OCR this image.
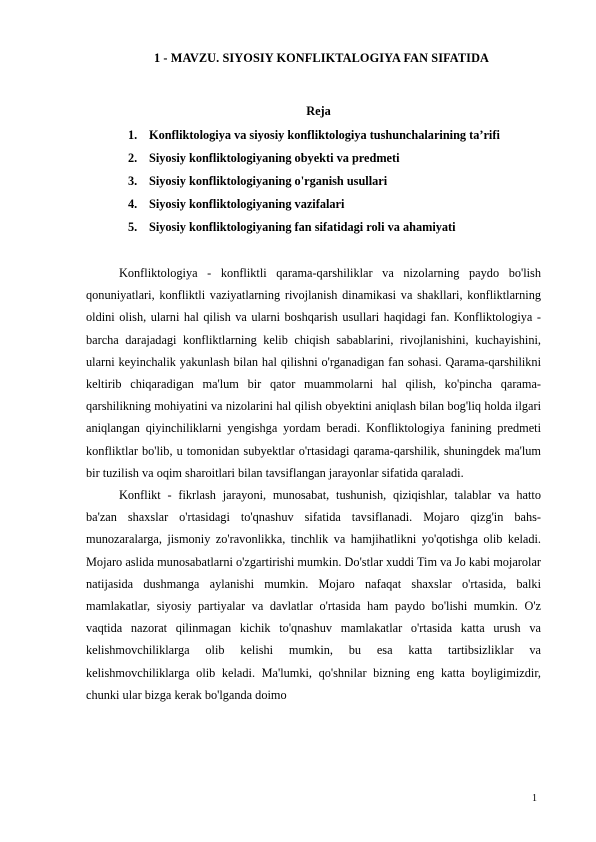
1 - MAVZU. SIYOSIY KONFLIKTALOGIYA FAN SIFATIDA
Reja
1. Konfliktologiya va siyosiy konfliktologiya tushunchalarining ta’rifi
2. Siyosiy konfliktologiyaning obyekti va predmeti
3. Siyosiy konfliktologiyaning o'rganish usullari
4. Siyosiy konfliktologiyaning vazifalari
5. Siyosiy konfliktologiyaning fan sifatidagi roli va ahamiyati

Konfliktologiya - konfliktli qarama-qarshiliklar va nizolarning paydo bo'lish qonuniyatlari, konfliktli vaziyatlarning rivojlanish dinamikasi va shakllari, konfliktlarning oldini olish, ularni hal qilish va ularni boshqarish usullari haqidagi fan. Konfliktologiya - barcha darajadagi konfliktlarning kelib chiqish sabablarini, rivojlanishini, kuchayishini, ularni keyinchalik yakunlash bilan hal qilishni o'rganadigan fan sohasi. Qarama-qarshilikni keltirib chiqaradigan ma'lum bir qator muammolarni hal qilish, ko'pincha qarama-qarshilikning mohiyatini va nizolarini hal qilish obyektini aniqlash bilan bog'liq holda ilgari aniqlangan qiyinchiliklarni yengishga yordam beradi. Konfliktologiya fanining predmeti konfliktlar bo'lib, u tomonidan subyektlar o'rtasidagi qarama-qarshilik, shuningdek ma'lum bir tuzilish va oqim sharoitlari bilan tavsiflangan jarayonlar sifatida qaraladi.

Konflikt - fikrlash jarayoni, munosabat, tushunish, qiziqishlar, talablar va hatto ba'zan shaxslar o'rtasidagi to'qnashuv sifatida tavsiflanadi. Mojaro qizg'in bahs-munozaralarga, jismoniy zo'ravonlikka, tinchlik va hamjihatlikni yo'qotishga olib keladi. Mojaro aslida munosabatlarni o'zgartirishi mumkin. Do'stlar xuddi Tim va Jo kabi mojarolar natijasida dushmanga aylanishi mumkin. Mojaro nafaqat shaxslar o'rtasida, balki mamlakatlar, siyosiy partiyalar va davlatlar o'rtasida ham paydo bo'lishi mumkin. O'z vaqtida nazorat qilinmagan kichik to'qnashuv mamlakatlar o'rtasida katta urush va kelishmovchiliklarga olib kelishi mumkin, bu esa katta tartibsizliklar va kelishmovchiliklarga olib keladi. Ma'lumki, qo'shnilar bizning eng katta boyligimizdir, chunki ular bizga kerak bo'lganda doimo

1
